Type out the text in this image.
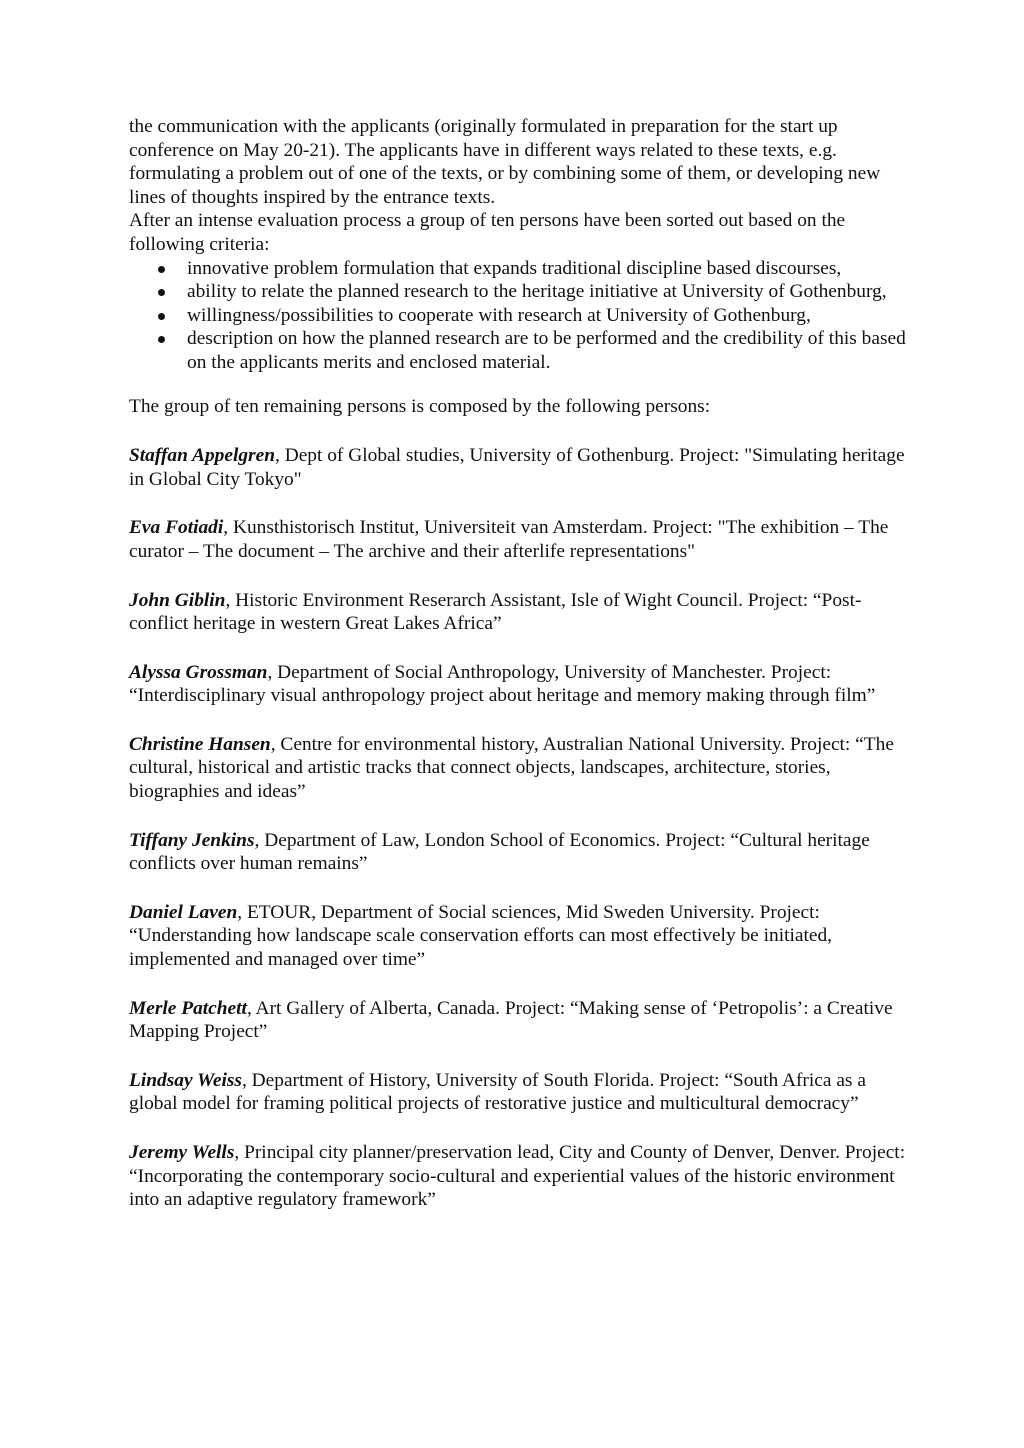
the communication with the applicants (originally formulated in preparation for the start up conference on May 20-21). The applicants have in different ways related to these texts, e.g. formulating a problem out of one of the texts, or by combining some of them, or developing new lines of thoughts inspired by the entrance texts.

After an intense evaluation process a group of ten persons have been sorted out based on the following criteria:

innovative problem formulation that expands traditional discipline based discourses,
ability to relate the planned research to the heritage initiative at University of Gothenburg,
willingness/possibilities to cooperate with research at University of Gothenburg,
description on how the planned research are to be performed and the credibility of this based on the applicants merits and enclosed material.

The group of ten remaining persons is composed by the following persons:

Staffan Appelgren, Dept of Global studies, University of Gothenburg. Project: "Simulating heritage in Global City Tokyo"

Eva Fotiadi, Kunsthistorisch Institut, Universiteit van Amsterdam. Project: "The exhibition – The curator – The document – The archive and their afterlife representations"

John Giblin, Historic Environment Reserarch Assistant, Isle of Wight Council. Project: “Post-conflict heritage in western Great Lakes Africa”

Alyssa Grossman, Department of Social Anthropology, University of Manchester. Project: “Interdisciplinary visual anthropology project about heritage and memory making through film”

Christine Hansen, Centre for environmental history, Australian National University. Project: “The cultural, historical and artistic tracks that connect objects, landscapes, architecture, stories, biographies and ideas”

Tiffany Jenkins, Department of Law, London School of Economics. Project: “Cultural heritage conflicts over human remains”

Daniel Laven, ETOUR, Department of Social sciences, Mid Sweden University. Project: “Understanding how landscape scale conservation efforts can most effectively be initiated, implemented and managed over time”

Merle Patchett, Art Gallery of Alberta, Canada. Project: “Making sense of ‘Petropolis’: a Creative Mapping Project”

Lindsay Weiss, Department of History, University of South Florida. Project: “South Africa as a global model for framing political projects of restorative justice and multicultural democracy”

Jeremy Wells, Principal city planner/preservation lead, City and County of Denver, Denver. Project: “Incorporating the contemporary socio-cultural and experiential values of the historic environment into an adaptive regulatory framework”
